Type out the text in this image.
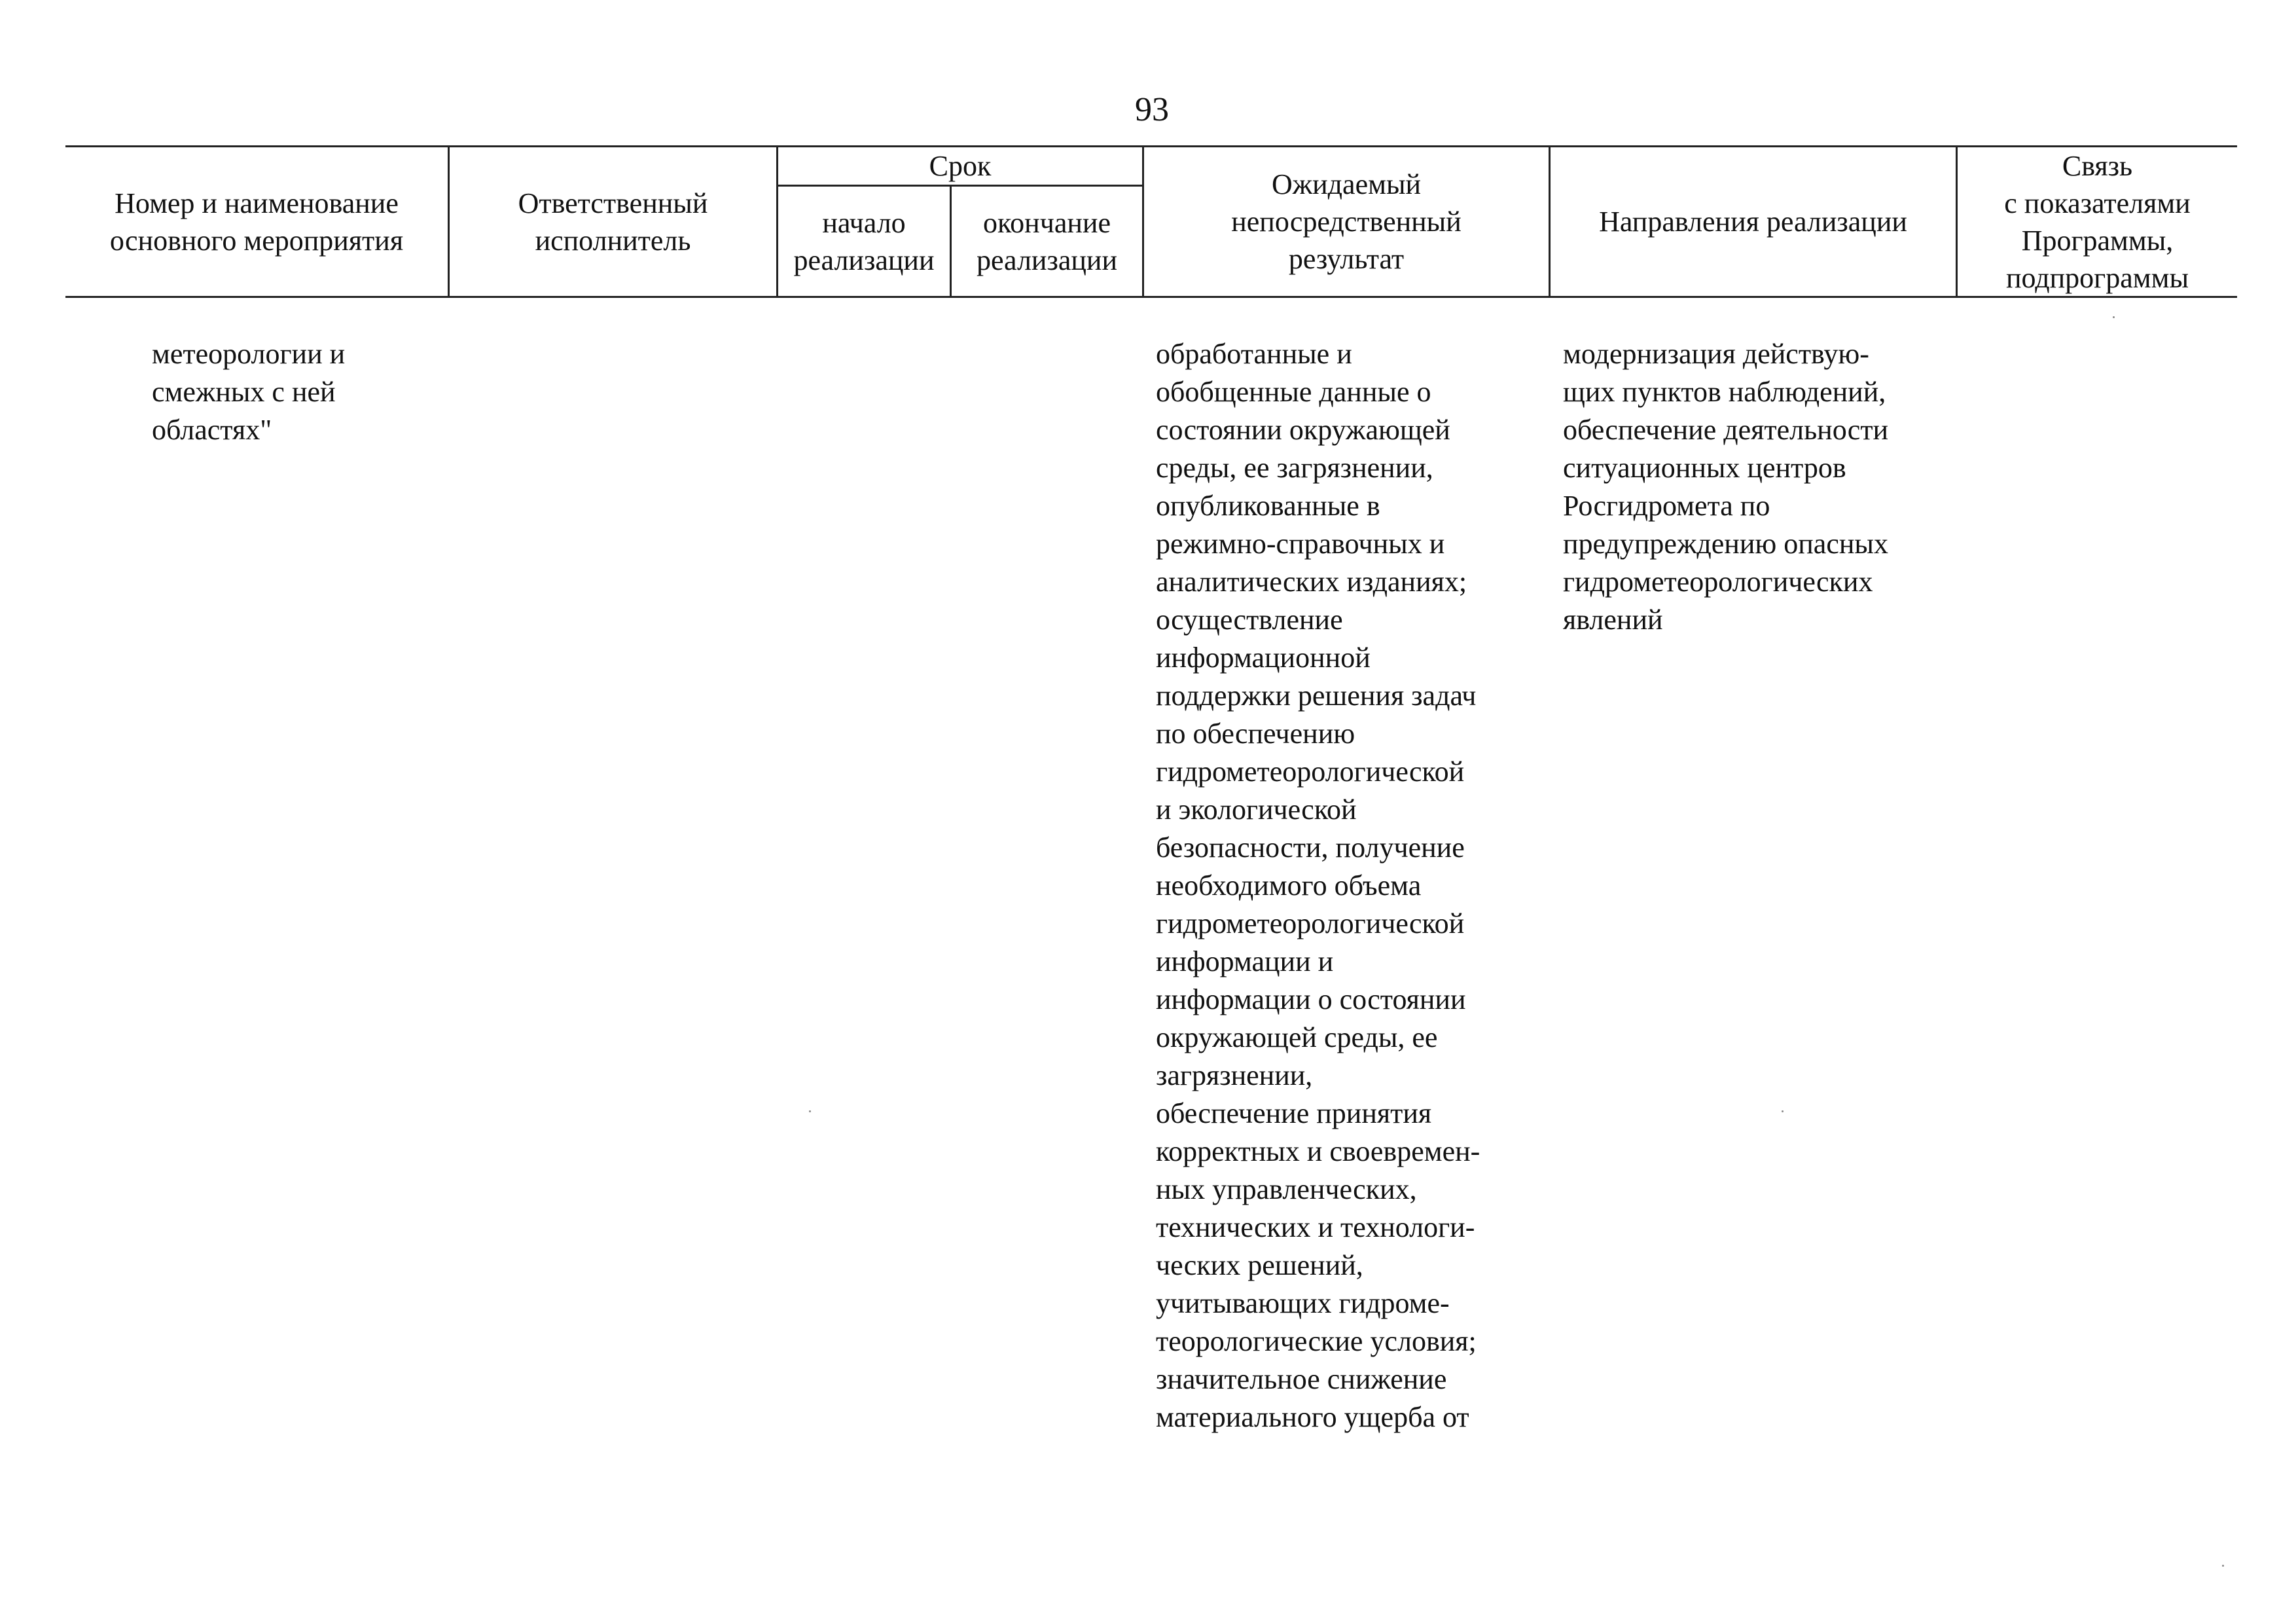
93
Номер и наименование
основного мероприятия
Ответственный
исполнитель
Срок
начало
реализации
окончание
реализации
Ожидаемый
непосредственный
результат
Направления реализации
Связь
с показателями
Программы,
подпрограммы
метеорологии и
смежных с ней
областях"
обработанные и
обобщенные данные о
состоянии окружающей
среды, ее загрязнении,
опубликованные в
режимно-справочных и
аналитических изданиях;
осуществление
информационной
поддержки решения задач
по обеспечению
гидрометеорологической
и экологической
безопасности, получение
необходимого объема
гидрометеорологической
информации и
информации о состоянии
окружающей среды, ее
загрязнении,
обеспечение принятия
корректных и своевремен-
ных управленческих,
технических и технологи-
ческих решений,
учитывающих гидроме-
теорологические условия;
значительное снижение
материального ущерба от
модернизация действую-
щих пунктов наблюдений,
обеспечение деятельности
ситуационных центров
Росгидромета по
предупреждению опасных
гидрометеорологических
явлений
